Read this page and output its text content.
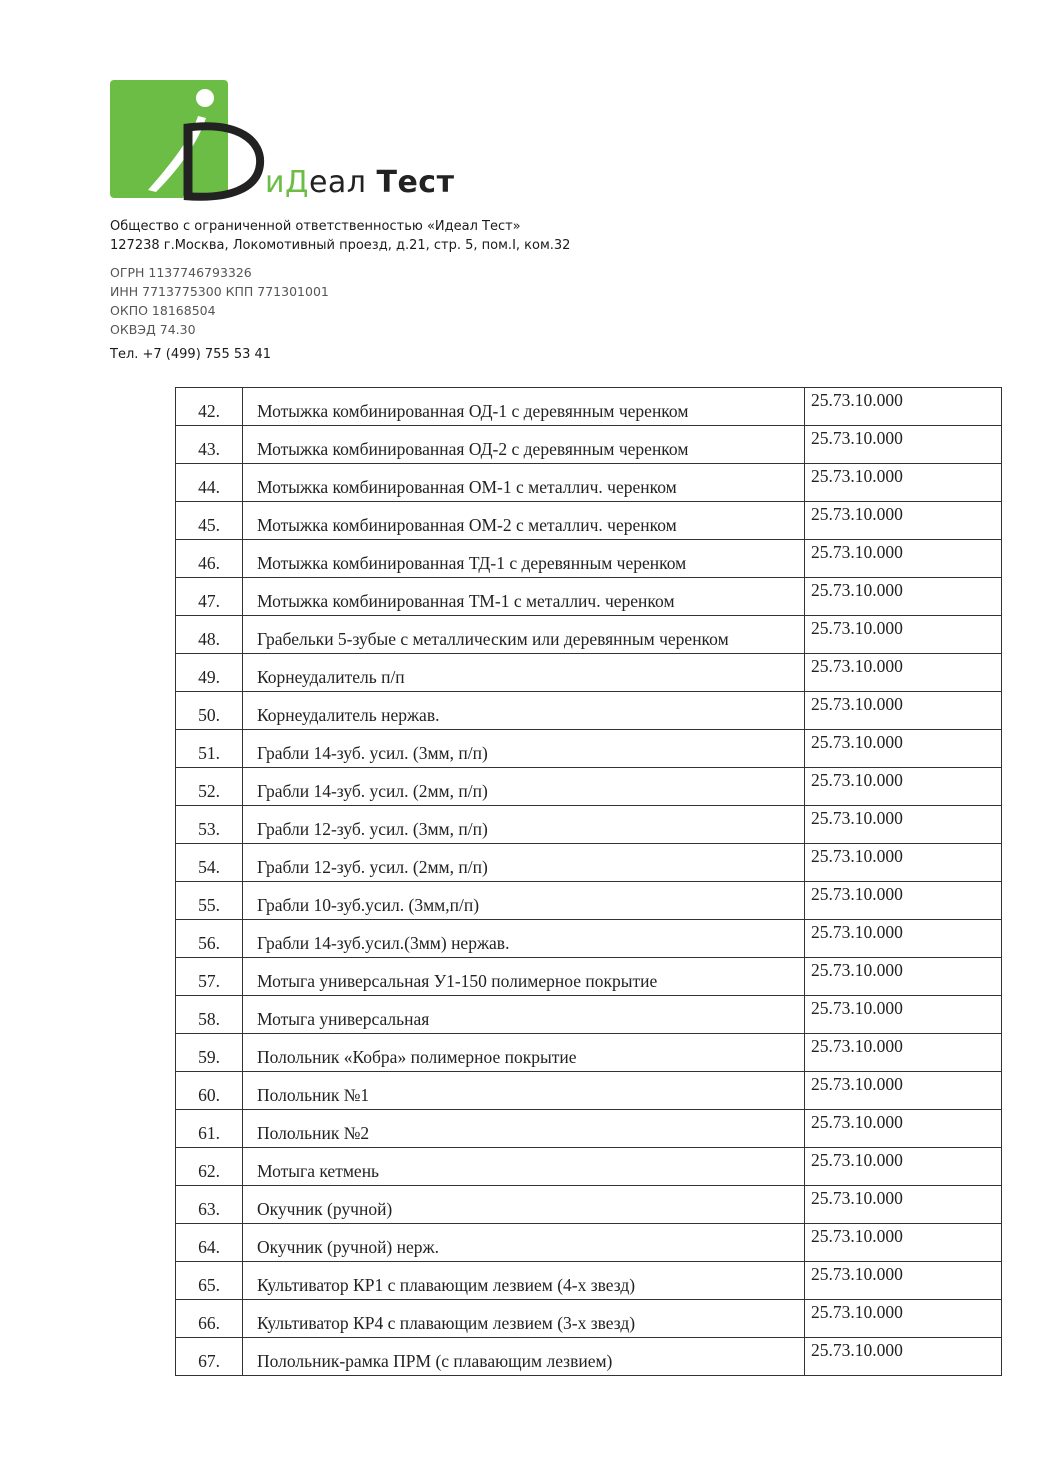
иДеал Тест
Общество с ограниченной ответственностью «Идеал Тест»
127238 г.Москва, Локомотивный проезд, д.21, стр. 5, пом.I, ком.32
ОГРН 1137746793326
ИНН 7713775300 КПП 771301001
ОКПО 18168504
ОКВЭД 74.30
Тел. +7 (499) 755 53 41
42.	Мотыжка комбинированная ОД-1 с деревянным черенком	25.73.10.000
43.	Мотыжка комбинированная ОД-2 с деревянным черенком	25.73.10.000
44.	Мотыжка комбинированная ОМ-1 с металлич. черенком	25.73.10.000
45.	Мотыжка комбинированная ОМ-2 с металлич. черенком	25.73.10.000
46.	Мотыжка комбинированная ТД-1 с деревянным черенком	25.73.10.000
47.	Мотыжка комбинированная ТМ-1 с металлич. черенком	25.73.10.000
48.	Грабельки 5-зубые с металлическим или деревянным черенком	25.73.10.000
49.	Корнеудалитель п/п	25.73.10.000
50.	Корнеудалитель нержав.	25.73.10.000
51.	Грабли 14-зуб. усил. (3мм, п/п)	25.73.10.000
52.	Грабли 14-зуб. усил. (2мм, п/п)	25.73.10.000
53.	Грабли 12-зуб. усил. (3мм, п/п)	25.73.10.000
54.	Грабли 12-зуб. усил. (2мм, п/п)	25.73.10.000
55.	Грабли 10-зуб.усил. (3мм,п/п)	25.73.10.000
56.	Грабли 14-зуб.усил.(3мм) нержав.	25.73.10.000
57.	Мотыга универсальная У1-150 полимерное покрытие	25.73.10.000
58.	Мотыга универсальная	25.73.10.000
59.	Полольник «Кобра» полимерное покрытие	25.73.10.000
60.	Полольник №1	25.73.10.000
61.	Полольник №2	25.73.10.000
62.	Мотыга кетмень	25.73.10.000
63.	Окучник (ручной)	25.73.10.000
64.	Окучник (ручной) нерж.	25.73.10.000
65.	Культиватор КР1 с плавающим лезвием (4-х звезд)	25.73.10.000
66.	Культиватор КР4 с плавающим лезвием (3-х звезд)	25.73.10.000
67.	Полольник-рамка ПРМ (с плавающим лезвием)	25.73.10.000
